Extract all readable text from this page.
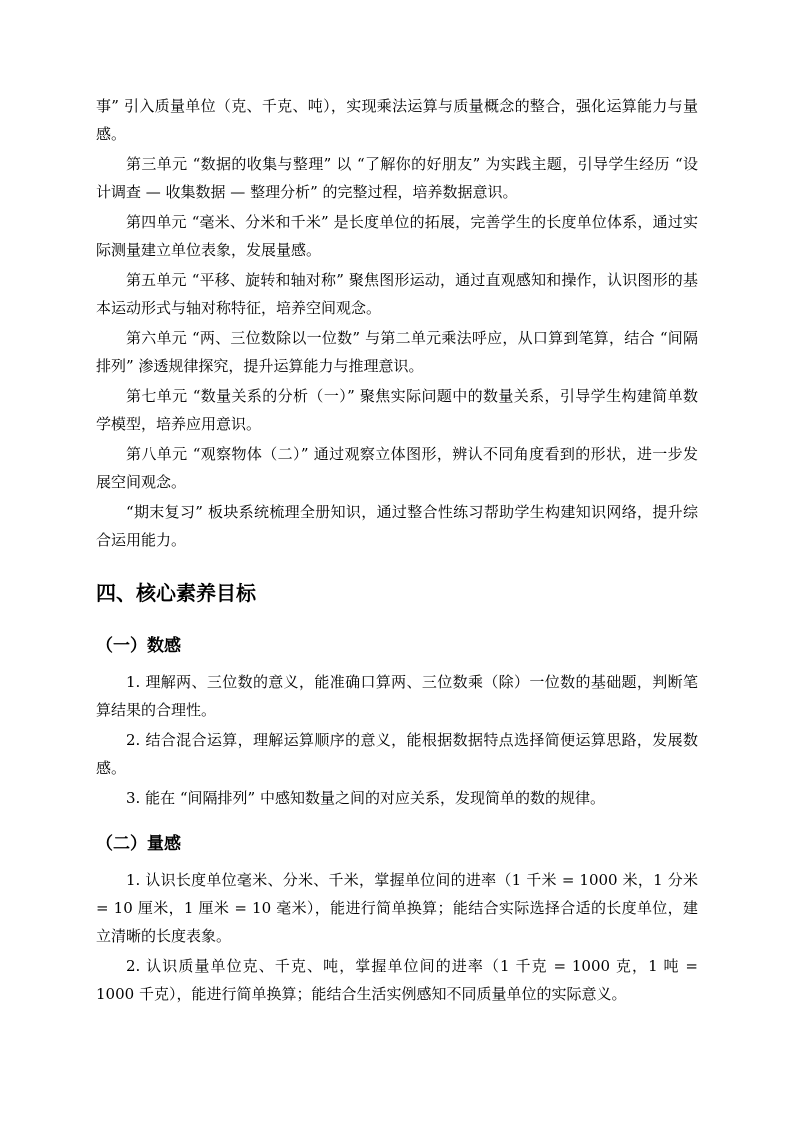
事” 引入质量单位（克、千克、吨），实现乘法运算与质量概念的整合，强化运算能力与量感。

第三单元 “数据的收集与整理” 以 “了解你的好朋友” 为实践主题，引导学生经历 “设计调查 — 收集数据 — 整理分析” 的完整过程，培养数据意识。

第四单元 “毫米、分米和千米” 是长度单位的拓展，完善学生的长度单位体系，通过实际测量建立单位表象，发展量感。

第五单元 “平移、旋转和轴对称” 聚焦图形运动，通过直观感知和操作，认识图形的基本运动形式与轴对称特征，培养空间观念。

第六单元 “两、三位数除以一位数” 与第二单元乘法呼应，从口算到笔算，结合 “间隔排列” 渗透规律探究，提升运算能力与推理意识。

第七单元 “数量关系的分析（一）” 聚焦实际问题中的数量关系，引导学生构建简单数学模型，培养应用意识。

第八单元 “观察物体（二）” 通过观察立体图形，辨认不同角度看到的形状，进一步发展空间观念。

“期末复习” 板块系统梳理全册知识，通过整合性练习帮助学生构建知识网络，提升综合运用能力。

四、核心素养目标
（一）数感

1. 理解两、三位数的意义，能准确口算两、三位数乘（除）一位数的基础题，判断笔算结果的合理性。

2. 结合混合运算，理解运算顺序的意义，能根据数据特点选择简便运算思路，发展数感。

3. 能在 “间隔排列” 中感知数量之间的对应关系，发现简单的数的规律。

（二）量感

1. 认识长度单位毫米、分米、千米，掌握单位间的进率（1 千米 = 1000 米，1 分米 = 10 厘米，1 厘米 = 10 毫米），能进行简单换算；能结合实际选择合适的长度单位，建立清晰的长度表象。

2. 认识质量单位克、千克、吨，掌握单位间的进率（1 千克 = 1000 克，1 吨 = 1000 千克），能进行简单换算；能结合生活实例感知不同质量单位的实际意义。
